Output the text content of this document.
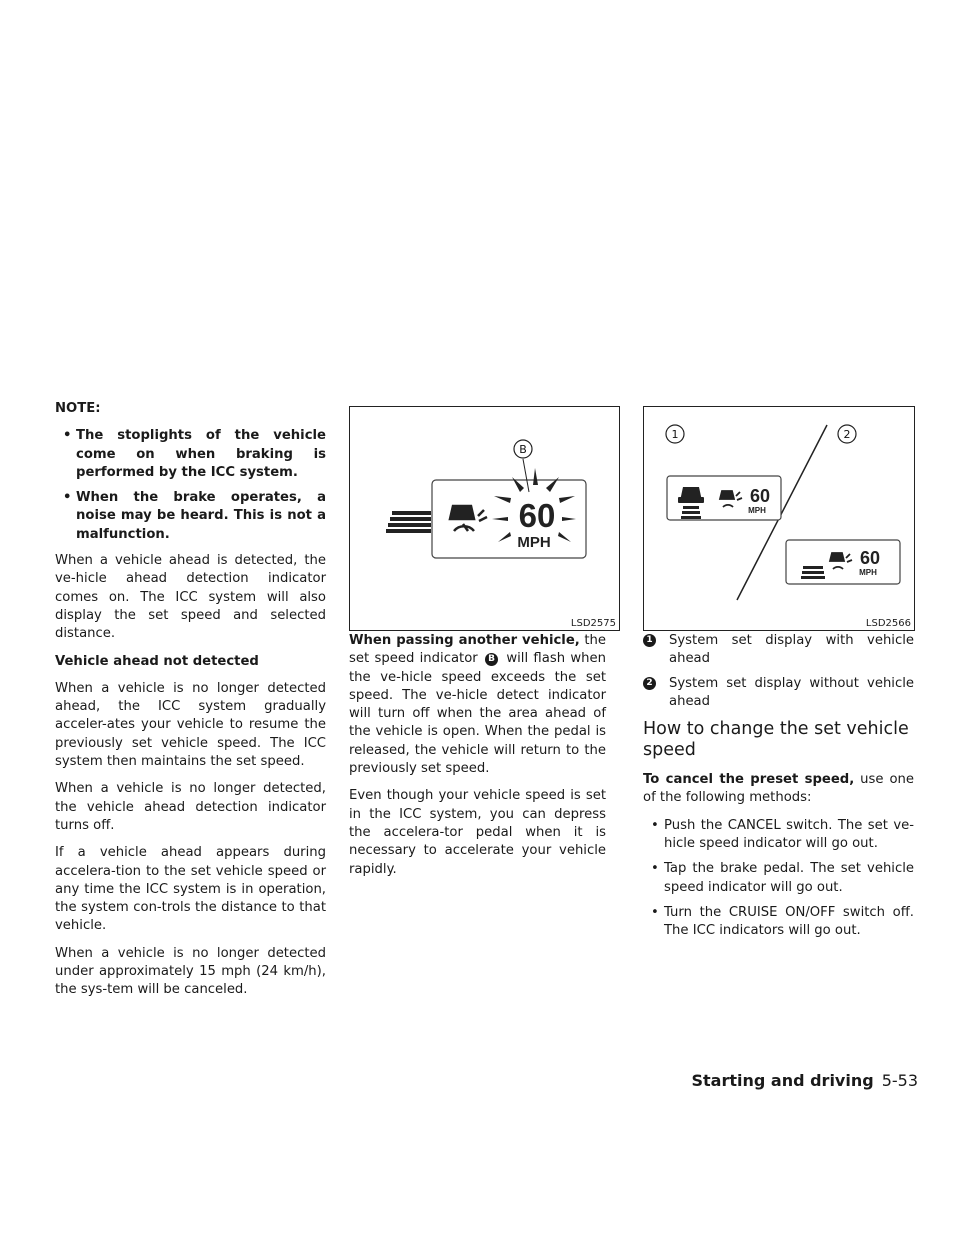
NOTE:

• The stoplights of the vehicle come on when braking is performed by the ICC system.
• When the brake operates, a noise may be heard. This is not a malfunction.

When a vehicle ahead is detected, the ve-hicle ahead detection indicator comes on. The ICC system will also display the set speed and selected distance.

Vehicle ahead not detected

When a vehicle is no longer detected ahead, the ICC system gradually acceler-ates your vehicle to resume the previously set vehicle speed. The ICC system then maintains the set speed.

When a vehicle is no longer detected, the vehicle ahead detection indicator turns off.

If a vehicle ahead appears during accelera-tion to the set vehicle speed or any time the ICC system is in operation, the system con-trols the distance to that vehicle.

When a vehicle is no longer detected under approximately 15 mph (24 km/h), the sys-tem will be canceled.

B
60
MPH
LSD2575

When passing another vehicle, the set speed indicator B will flash when the ve-hicle speed exceeds the set speed. The ve-hicle detect indicator will turn off when the area ahead of the vehicle is open. When the pedal is released, the vehicle will return to the previously set speed.

Even though your vehicle speed is set in the ICC system, you can depress the accelera-tor pedal when it is necessary to accelerate your vehicle rapidly.

1	2
60
MPH
60
MPH
LSD2566
1 System set display with vehicle ahead
2 System set display without vehicle ahead
How to change the set vehicle speed

To cancel the preset speed, use one of the following methods:

• Push the CANCEL switch. The set ve-hicle speed indicator will go out.
• Tap the brake pedal. The set vehicle speed indicator will go out.
• Turn the CRUISE ON/OFF switch off. The ICC indicators will go out.
Starting and driving 5-53
